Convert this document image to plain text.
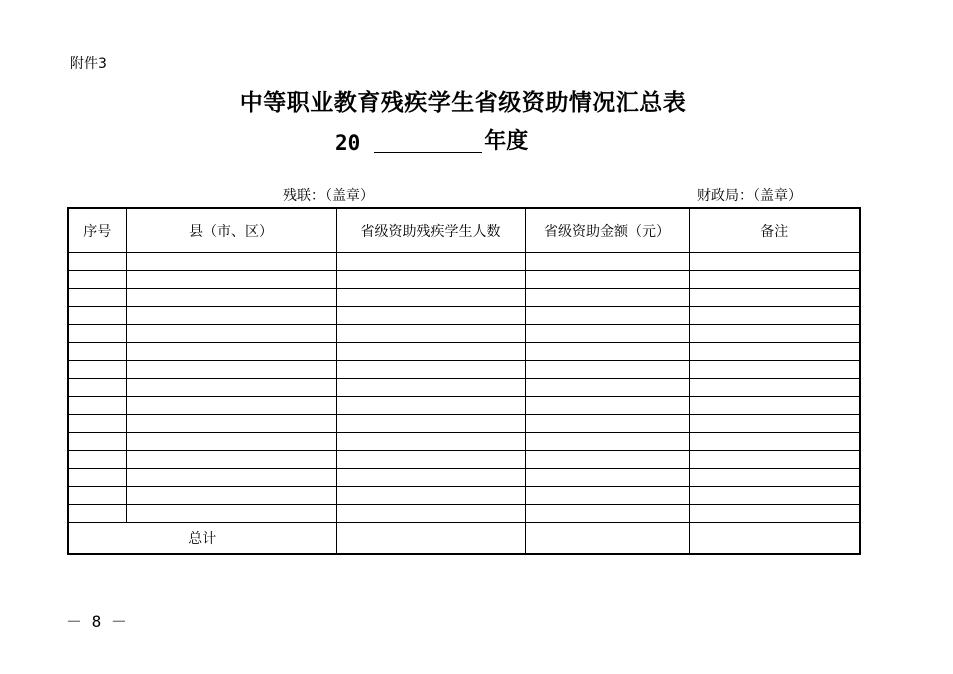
附件3
中等职业教育残疾学生省级资助情况汇总表
20	年度
残联：（盖章）	财政局：（盖章）
序号	县（市、区）	省级资助残疾学生人数	省级资助金额（元）	备注

总计				
－ 8 －
